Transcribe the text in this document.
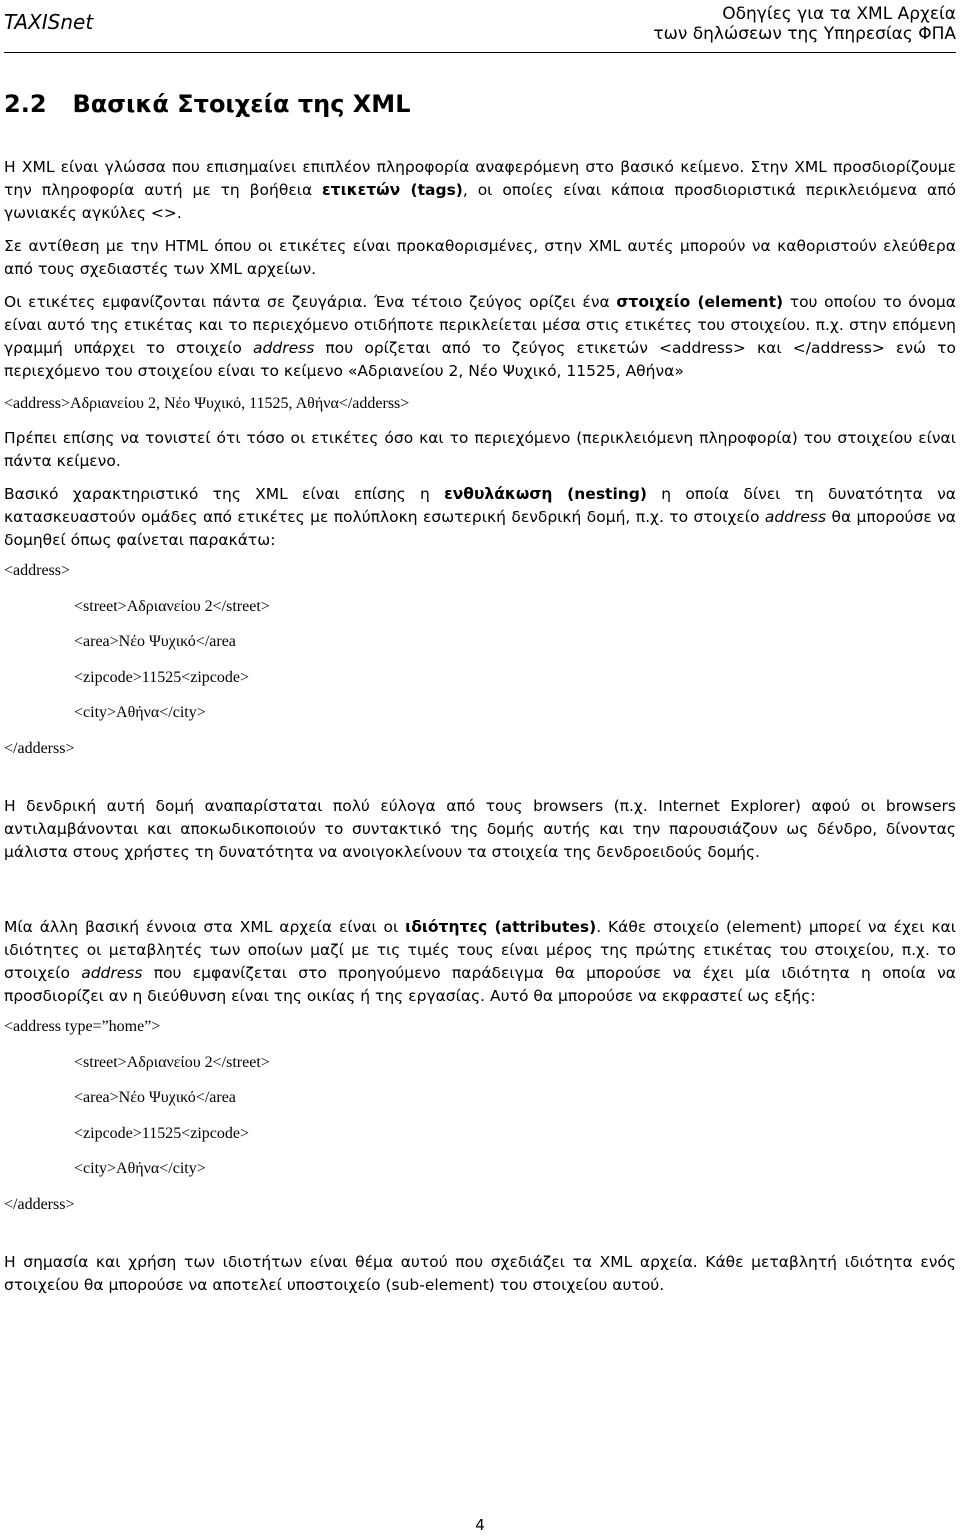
TAXISnet	Οδηγίες για τα XML Αρχεία
των δηλώσεων της Υπηρεσίας ΦΠΑ
2.2 Βασικά Στοιχεία της XML

Η XML είναι γλώσσα που επισημαίνει επιπλέον πληροφορία αναφερόμενη στο βασικό κείμενο. Στην XML προσδιορίζουμε την πληροφορία αυτή με τη βοήθεια ετικετών (tags), οι οποίες είναι κάποια προσδιοριστικά περικλειόμενα από γωνιακές αγκύλες <>.

Σε αντίθεση με την HTML όπου οι ετικέτες είναι προκαθορισμένες, στην XML αυτές μπορούν να καθοριστούν ελεύθερα από τους σχεδιαστές των XML αρχείων.

Οι ετικέτες εμφανίζονται πάντα σε ζευγάρια. Ένα τέτοιο ζεύγος ορίζει ένα στοιχείο (element) του οποίου το όνομα είναι αυτό της ετικέτας και το περιεχόμενο οτιδήποτε περικλείεται μέσα στις ετικέτες του στοιχείου. π.χ. στην επόμενη γραμμή υπάρχει το στοιχείο address που ορίζεται από το ζεύγος ετικετών <address> και </address> ενώ το περιεχόμενο του στοιχείου είναι το κείμενο «Αδριανείου 2, Νέο Ψυχικό, 11525, Αθήνα»

<address>Αδριανείου 2, Νέο Ψυχικό, 11525, Αθήνα</adderss>

Πρέπει επίσης να τονιστεί ότι τόσο οι ετικέτες όσο και το περιεχόμενο (περικλειόμενη πληροφορία) του στοιχείου είναι πάντα κείμενο.

Βασικό χαρακτηριστικό της XML είναι επίσης η ενθυλάκωση (nesting) η οποία δίνει τη δυνατότητα να κατασκευαστούν ομάδες από ετικέτες με πολύπλοκη εσωτερική δενδρική δομή, π.χ. το στοιχείο address θα μπορούσε να δομηθεί όπως φαίνεται παρακάτω:

<address>
<street>Αδριανείου 2</street>
<area>Νέο Ψυχικό</area
<zipcode>11525<zipcode>
<city>Αθήνα</city>
</adderss>

Η δενδρική αυτή δομή αναπαρίσταται πολύ εύλογα από τους browsers (π.χ. Internet Explorer) αφού οι browsers αντιλαμβάνονται και αποκωδικοποιούν το συντακτικό της δομής αυτής και την παρουσιάζουν ως δένδρο, δίνοντας μάλιστα στους χρήστες τη δυνατότητα να ανοιγοκλείνουν τα στοιχεία της δενδροειδούς δομής.

Μία άλλη βασική έννοια στα XML αρχεία είναι οι ιδιότητες (attributes). Κάθε στοιχείο (element) μπορεί να έχει και ιδιότητες οι μεταβλητές των οποίων μαζί με τις τιμές τους είναι μέρος της πρώτης ετικέτας του στοιχείου, π.χ. το στοιχείο address που εμφανίζεται στο προηγούμενο παράδειγμα θα μπορούσε να έχει μία ιδιότητα η οποία να προσδιορίζει αν η διεύθυνση είναι της οικίας ή της εργασίας. Αυτό θα μπορούσε να εκφραστεί ως εξής:

<address type=”home”>
<street>Αδριανείου 2</street>
<area>Νέο Ψυχικό</area
<zipcode>11525<zipcode>
<city>Αθήνα</city>
</adderss>

Η σημασία και χρήση των ιδιοτήτων είναι θέμα αυτού που σχεδιάζει τα XML αρχεία. Κάθε μεταβλητή ιδιότητα ενός στοιχείου θα μπορούσε να αποτελεί υποστοιχείο (sub-element) του στοιχείου αυτού.

4
